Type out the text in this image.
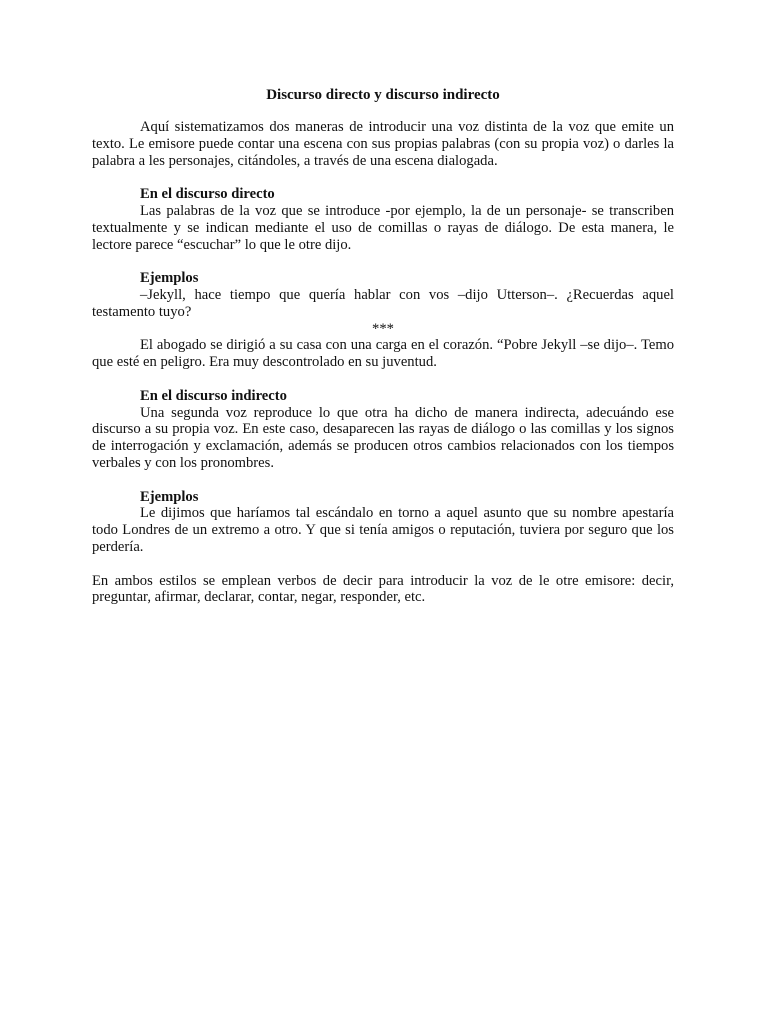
Discurso directo y discurso indirecto

Aquí sistematizamos dos maneras de introducir una voz distinta de la voz que emite un texto. Le emisore puede contar una escena con sus propias palabras (con su propia voz) o darles la palabra a les personajes, citándoles, a través de una escena dialogada.

En el discurso directo

Las palabras de la voz que se introduce -por ejemplo, la de un personaje- se transcriben textualmente y se indican mediante el uso de comillas o rayas de diálogo. De esta manera, le lectore parece “escuchar” lo que le otre dijo.

Ejemplos

–Jekyll, hace tiempo que quería hablar con vos –dijo Utterson–. ¿Recuerdas aquel testamento tuyo?

***

El abogado se dirigió a su casa con una carga en el corazón. “Pobre Jekyll –se dijo–. Temo que esté en peligro. Era muy descontrolado en su juventud.

En el discurso indirecto

Una segunda voz reproduce lo que otra ha dicho de manera indirecta, adecuándo ese discurso a su propia voz. En este caso, desaparecen las rayas de diálogo o las comillas y los signos de interrogación y exclamación, además se producen otros cambios relacionados con los tiempos verbales y con los pronombres.

Ejemplos

Le dijimos que haríamos tal escándalo en torno a aquel asunto que su nombre apestaría todo Londres de un extremo a otro. Y que si tenía amigos o reputación, tuviera por seguro que los perdería.

En ambos estilos se emplean verbos de decir para introducir la voz de le otre emisore: decir, preguntar, afirmar, declarar, contar, negar, responder, etc.
